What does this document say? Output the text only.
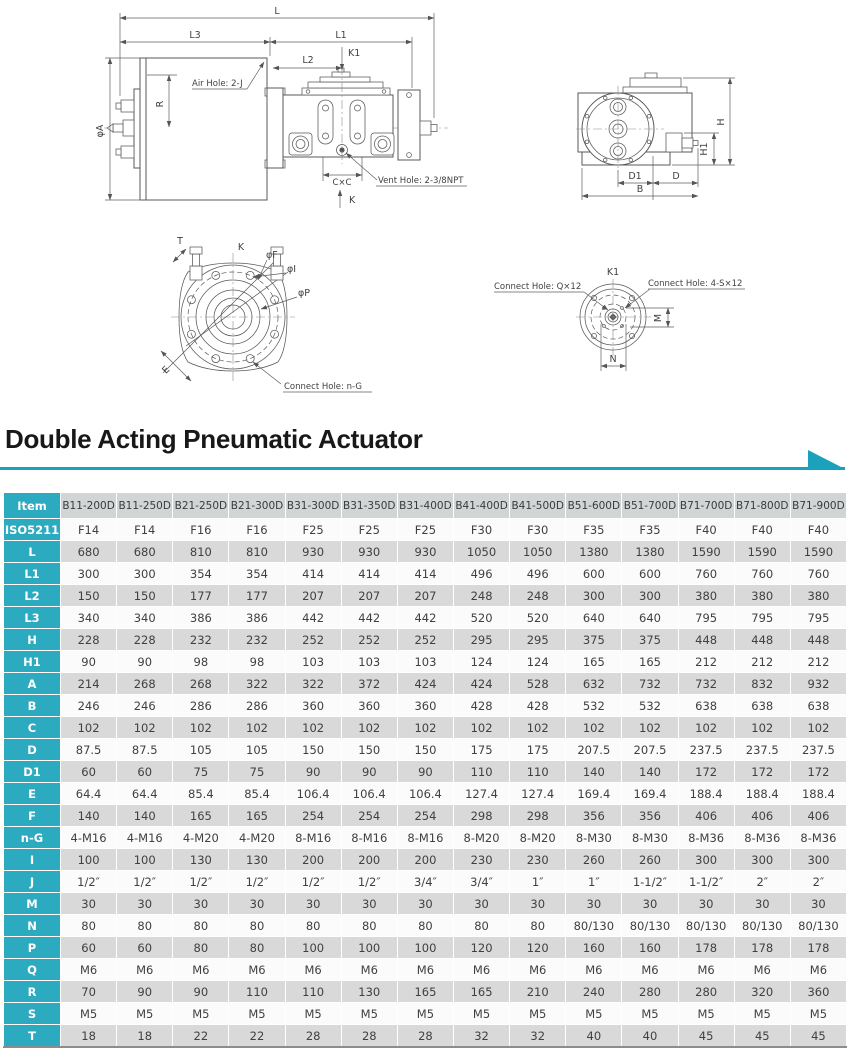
L
L3	L1
L2
K1
K
R
φA
C×C
Air Hole: 2-J
Vent Hole: 2-3/8NPT
H
H1
D1	D
B
T
K
φF
φI
φP
E
Connect Hole: n-G
K1
Connect Hole: Q×12	Connect Hole: 4-S×12
M
N
Double Acting Pneumatic Actuator
Item	B11-200D	B11-250D	B21-250D	B21-300D	B31-300D	B31-350D	B31-400D	B41-400D	B41-500D	B51-600D	B51-700D	B71-700D	B71-800D	B71-900D
ISO5211	F14	F14	F16	F16	F25	F25	F25	F30	F30	F35	F35	F40	F40	F40
L	680	680	810	810	930	930	930	1050	1050	1380	1380	1590	1590	1590
L1	300	300	354	354	414	414	414	496	496	600	600	760	760	760
L2	150	150	177	177	207	207	207	248	248	300	300	380	380	380
L3	340	340	386	386	442	442	442	520	520	640	640	795	795	795
H	228	228	232	232	252	252	252	295	295	375	375	448	448	448
H1	90	90	98	98	103	103	103	124	124	165	165	212	212	212
A	214	268	268	322	322	372	424	424	528	632	732	732	832	932
B	246	246	286	286	360	360	360	428	428	532	532	638	638	638
C	102	102	102	102	102	102	102	102	102	102	102	102	102	102
D	87.5	87.5	105	105	150	150	150	175	175	207.5	207.5	237.5	237.5	237.5
D1	60	60	75	75	90	90	90	110	110	140	140	172	172	172
E	64.4	64.4	85.4	85.4	106.4	106.4	106.4	127.4	127.4	169.4	169.4	188.4	188.4	188.4
F	140	140	165	165	254	254	254	298	298	356	356	406	406	406
n-G	4-M16	4-M16	4-M20	4-M20	8-M16	8-M16	8-M16	8-M20	8-M20	8-M30	8-M30	8-M36	8-M36	8-M36
I	100	100	130	130	200	200	200	230	230	260	260	300	300	300
J	1/2″	1/2″	1/2″	1/2″	1/2″	1/2″	3/4″	3/4″	1″	1″	1-1/2″	1-1/2″	2″	2″
M	30	30	30	30	30	30	30	30	30	30	30	30	30	30
N	80	80	80	80	80	80	80	80	80	80/130	80/130	80/130	80/130	80/130
P	60	60	80	80	100	100	100	120	120	160	160	178	178	178
Q	M6	M6	M6	M6	M6	M6	M6	M6	M6	M6	M6	M6	M6	M6
R	70	90	90	110	110	130	165	165	210	240	280	280	320	360
S	M5	M5	M5	M5	M5	M5	M5	M5	M5	M5	M5	M5	M5	M5
T	18	18	22	22	28	28	28	32	32	40	40	45	45	45
